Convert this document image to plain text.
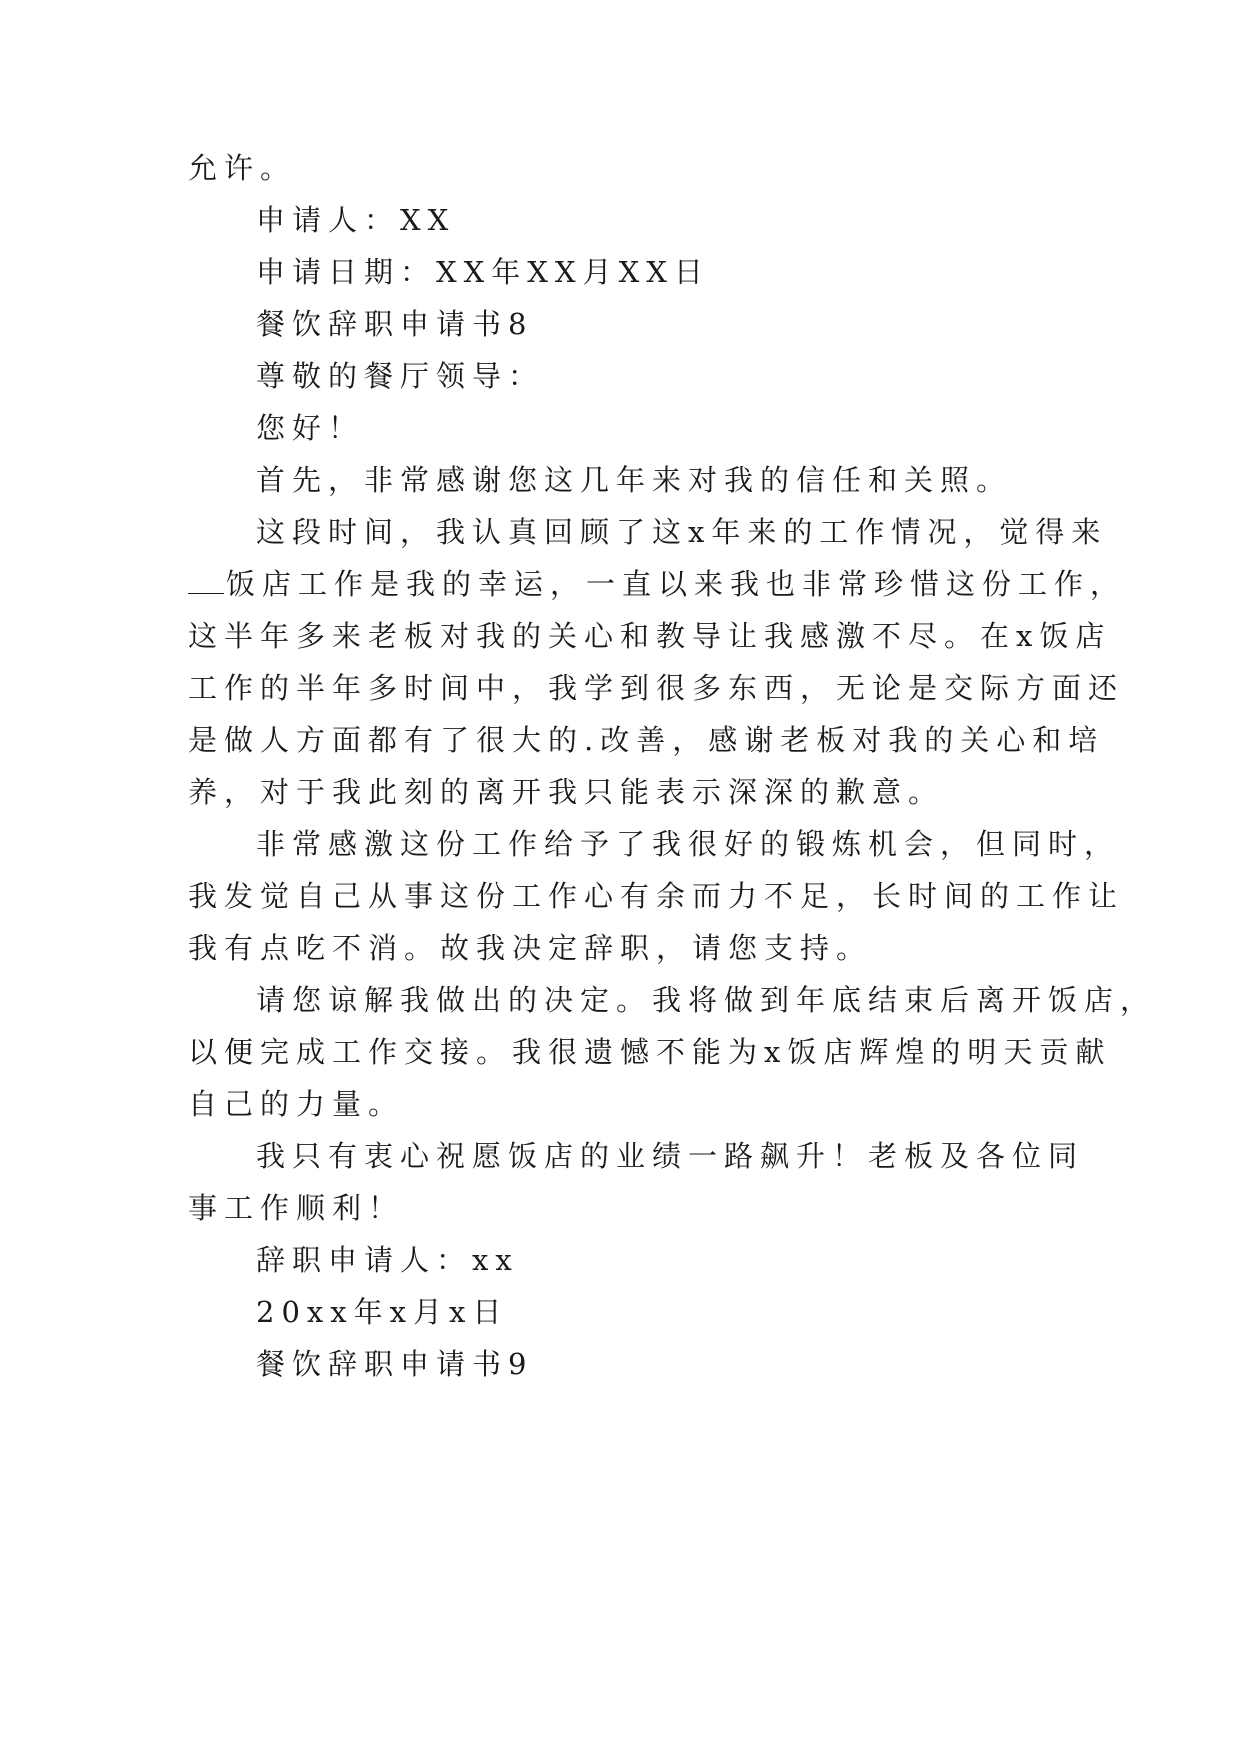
允许。
申请人：XX
申请日期：XX年XX月XX日
餐饮辞职申请书8
尊敬的餐厅领导：
您好！
首先，非常感谢您这几年来对我的信任和关照。
这段时间，我认真回顾了这x年来的工作情况，觉得来
饭店工作是我的幸运，一直以来我也非常珍惜这份工作，
这半年多来老板对我的关心和教导让我感激不尽。在x饭店
工作的半年多时间中，我学到很多东西，无论是交际方面还
是做人方面都有了很大的.改善，感谢老板对我的关心和培
养，对于我此刻的离开我只能表示深深的歉意。
非常感激这份工作给予了我很好的锻炼机会，但同时，
我发觉自己从事这份工作心有余而力不足，长时间的工作让
我有点吃不消。故我决定辞职，请您支持。
请您谅解我做出的决定。我将做到年底结束后离开饭店，
以便完成工作交接。我很遗憾不能为x饭店辉煌的明天贡献
自己的力量。
我只有衷心祝愿饭店的业绩一路飙升！老板及各位同
事工作顺利！
辞职申请人：xx
20xx年x月x日
餐饮辞职申请书9
